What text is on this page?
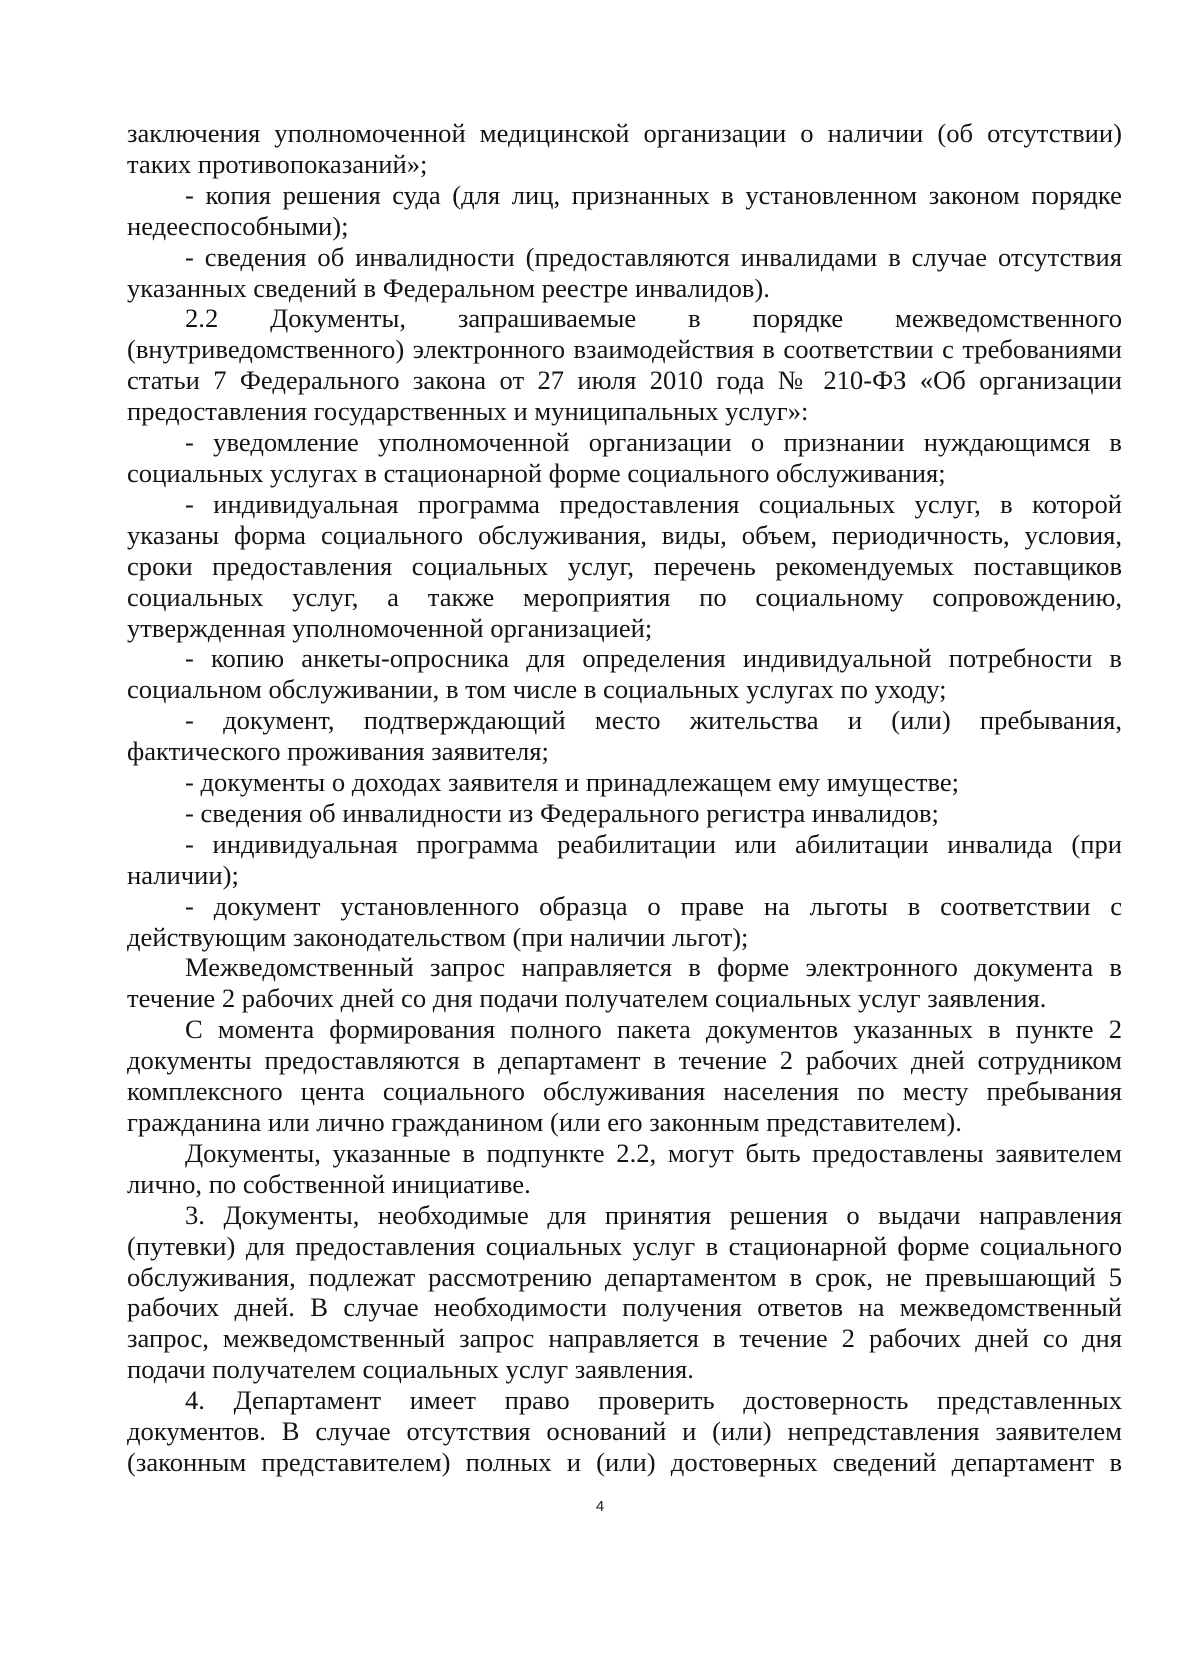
заключения уполномоченной медицинской организации о наличии (об отсутствии) таких противопоказаний»;

- копия решения суда (для лиц, признанных в установленном законом порядке недееспособными);

- сведения об инвалидности (предоставляются инвалидами в случае отсутствия указанных сведений в Федеральном реестре инвалидов).

2.2 Документы, запрашиваемые в порядке межведомственного (внутриведомственного) электронного взаимодействия в соответствии с требованиями статьи 7 Федерального закона от 27 июля 2010 года № 210-ФЗ «Об организации предоставления государственных и муниципальных услуг»:

- уведомление уполномоченной организации о признании нуждающимся в социальных услугах в стационарной форме социального обслуживания;

- индивидуальная программа предоставления социальных услуг, в которой указаны форма социального обслуживания, виды, объем, периодичность, условия, сроки предоставления социальных услуг, перечень рекомендуемых поставщиков социальных услуг, а также мероприятия по социальному сопровождению, утвержденная уполномоченной организацией;

- копию анкеты-опросника для определения индивидуальной потребности в социальном обслуживании, в том числе в социальных услугах по уходу;

- документ, подтверждающий место жительства и (или) пребывания, фактического проживания заявителя;

- документы о доходах заявителя и принадлежащем ему имуществе;

- сведения об инвалидности из Федерального регистра инвалидов;

- индивидуальная программа реабилитации или абилитации инвалида (при наличии);

- документ установленного образца о праве на льготы в соответствии с действующим законодательством (при наличии льгот);

Межведомственный запрос направляется в форме электронного документа в течение 2 рабочих дней со дня подачи получателем социальных услуг заявления.

С момента формирования полного пакета документов указанных в пункте 2 документы предоставляются в департамент в течение 2 рабочих дней сотрудником комплексного цента социального обслуживания населения по месту пребывания гражданина или лично гражданином (или его законным представителем).

Документы, указанные в подпункте 2.2, могут быть предоставлены заявителем лично, по собственной инициативе.

3. Документы, необходимые для принятия решения о выдачи направления (путевки) для предоставления социальных услуг в стационарной форме социального обслуживания, подлежат рассмотрению департаментом в срок, не превышающий 5 рабочих дней. В случае необходимости получения ответов на межведомственный запрос, межведомственный запрос направляется в течение 2 рабочих дней со дня подачи получателем социальных услуг заявления.

4. Департамент имеет право проверить достоверность представленных документов. В случае отсутствия оснований и (или) непредставления заявителем (законным представителем) полных и (или) достоверных сведений департамент в

4
